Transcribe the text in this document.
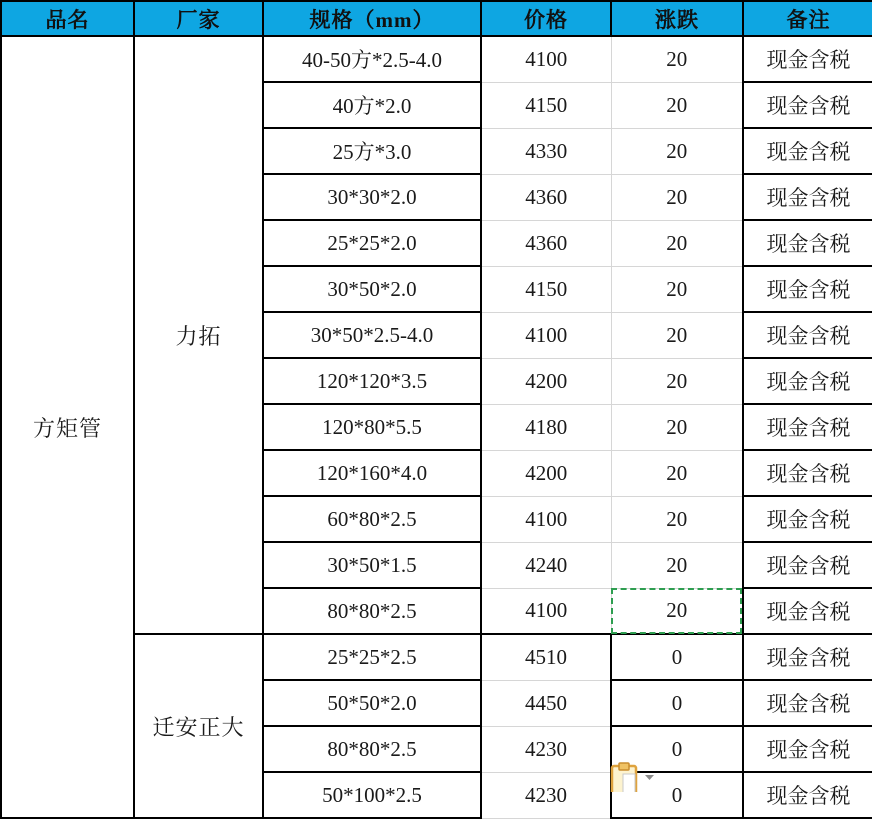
品名	厂家	规格（mm）	价格	涨跌	备注
方矩管	力拓	40-50方*2.5-4.0	4100	20	现金含税
		40方*2.0	4150	20	现金含税
		25方*3.0	4330	20	现金含税
		30*30*2.0	4360	20	现金含税
		25*25*2.0	4360	20	现金含税
		30*50*2.0	4150	20	现金含税
		30*50*2.5-4.0	4100	20	现金含税
		120*120*3.5	4200	20	现金含税
		120*80*5.5	4180	20	现金含税
		120*160*4.0	4200	20	现金含税
		60*80*2.5	4100	20	现金含税
		30*50*1.5	4240	20	现金含税
		80*80*2.5	4100	20	现金含税
	迁安正大	25*25*2.5	4510	0	现金含税
		50*50*2.0	4450	0	现金含税
		80*80*2.5	4230	0	现金含税
		50*100*2.5	4230	0	现金含税
